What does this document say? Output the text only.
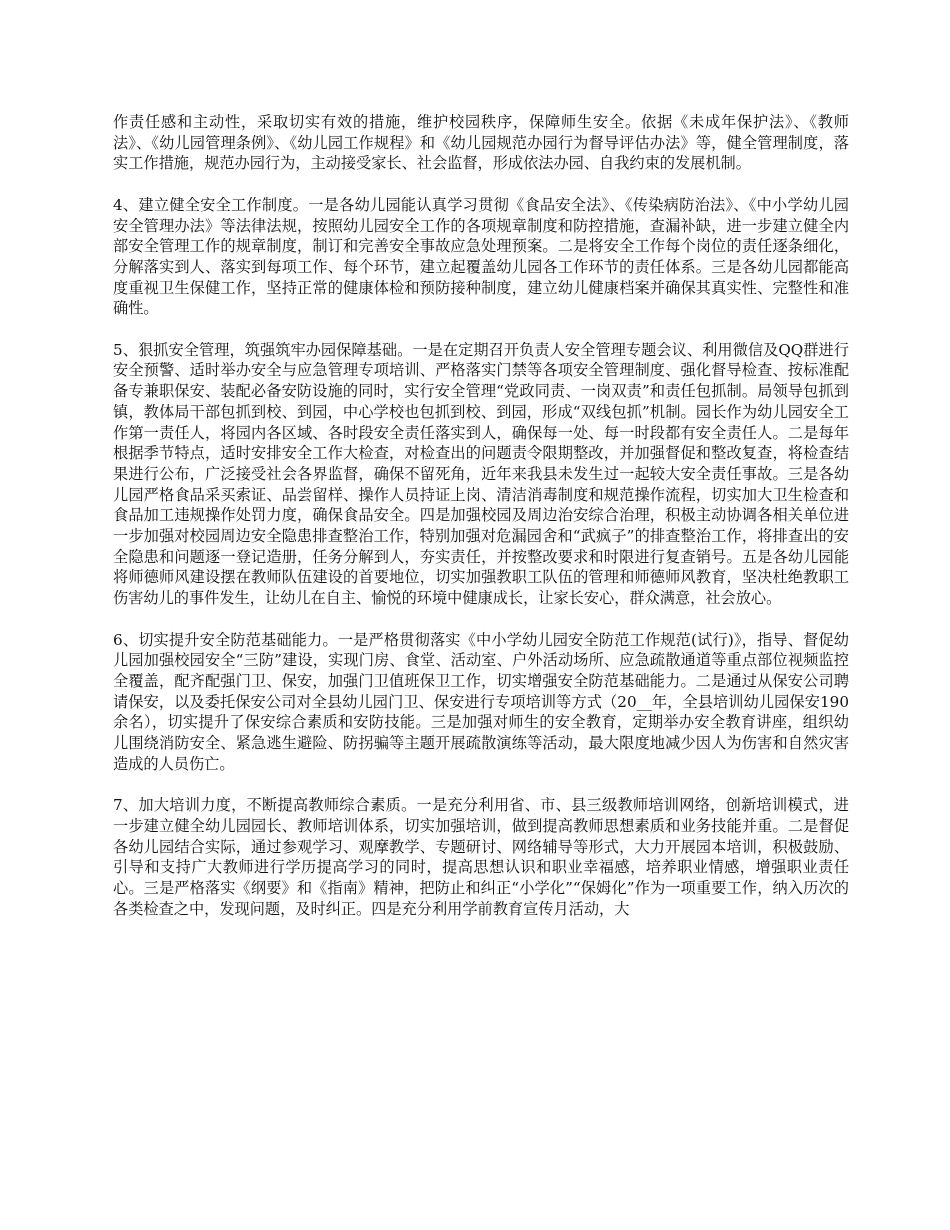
作责任感和主动性，采取切实有效的措施，维护校园秩序，保障师生安全。依据《未成年保护法》、《教师法》、《幼儿园管理条例》、《幼儿园工作规程》和《幼儿园规范办园行为督导评估办法》等，健全管理制度，落实工作措施，规范办园行为，主动接受家长、社会监督，形成依法办园、自我约束的发展机制。

4、建立健全安全工作制度。一是各幼儿园能认真学习贯彻《食品安全法》、《传染病防治法》、《中小学幼儿园安全管理办法》等法律法规，按照幼儿园安全工作的各项规章制度和防控措施，查漏补缺，进一步建立健全内部安全管理工作的规章制度，制订和完善安全事故应急处理预案。二是将安全工作每个岗位的责任逐条细化，分解落实到人、落实到每项工作、每个环节，建立起覆盖幼儿园各工作环节的责任体系。三是各幼儿园都能高度重视卫生保健工作，坚持正常的健康体检和预防接种制度，建立幼儿健康档案并确保其真实性、完整性和准确性。

5、狠抓安全管理，筑强筑牢办园保障基础。一是在定期召开负责人安全管理专题会议、利用微信及QQ群进行安全预警、适时举办安全与应急管理专项培训、严格落实门禁等各项安全管理制度、强化督导检查、按标准配备专兼职保安、装配必备安防设施的同时，实行安全管理“党政同责、一岗双责”和责任包抓制。局领导包抓到镇，教体局干部包抓到校、到园，中心学校也包抓到校、到园，形成“双线包抓”机制。园长作为幼儿园安全工作第一责任人，将园内各区域、各时段安全责任落实到人，确保每一处、每一时段都有安全责任人。二是每年根据季节特点，适时安排安全工作大检查，对检查出的问题责令限期整改，并加强督促和整改复查，将检查结果进行公布，广泛接受社会各界监督，确保不留死角，近年来我县未发生过一起较大安全责任事故。三是各幼儿园严格食品采买索证、品尝留样、操作人员持证上岗、清洁消毒制度和规范操作流程，切实加大卫生检查和食品加工违规操作处罚力度，确保食品安全。四是加强校园及周边治安综合治理，积极主动协调各相关单位进一步加强对校园周边安全隐患排查整治工作，特别加强对危漏园舍和“武疯子”的排查整治工作，将排查出的安全隐患和问题逐一登记造册，任务分解到人，夯实责任，并按整改要求和时限进行复查销号。五是各幼儿园能将师德师风建设摆在教师队伍建设的首要地位，切实加强教职工队伍的管理和师德师风教育，坚决杜绝教职工伤害幼儿的事件发生，让幼儿在自主、愉悦的环境中健康成长，让家长安心，群众满意，社会放心。

6、切实提升安全防范基础能力。一是严格贯彻落实《中小学幼儿园安全防范工作规范(试行)》，指导、督促幼儿园加强校园安全“三防”建设，实现门房、食堂、活动室、户外活动场所、应急疏散通道等重点部位视频监控全覆盖，配齐配强门卫、保安，加强门卫值班保卫工作，切实增强安全防范基础能力。二是通过从保安公司聘请保安，以及委托保安公司对全县幼儿园门卫、保安进行专项培训等方式（20__年，全县培训幼儿园保安190余名），切实提升了保安综合素质和安防技能。三是加强对师生的安全教育，定期举办安全教育讲座，组织幼儿围绕消防安全、紧急逃生避险、防拐骗等主题开展疏散演练等活动，最大限度地减少因人为伤害和自然灾害造成的人员伤亡。

7、加大培训力度，不断提高教师综合素质。一是充分利用省、市、县三级教师培训网络，创新培训模式，进一步建立健全幼儿园园长、教师培训体系，切实加强培训，做到提高教师思想素质和业务技能并重。二是督促各幼儿园结合实际，通过参观学习、观摩教学、专题研讨、网络辅导等形式，大力开展园本培训，积极鼓励、引导和支持广大教师进行学历提高学习的同时，提高思想认识和职业幸福感，培养职业情感，增强职业责任心。三是严格落实《纲要》和《指南》精神，把防止和纠正“小学化”“保姆化”作为一项重要工作，纳入历次的各类检查之中，发现问题，及时纠正。四是充分利用学前教育宣传月活动，大
